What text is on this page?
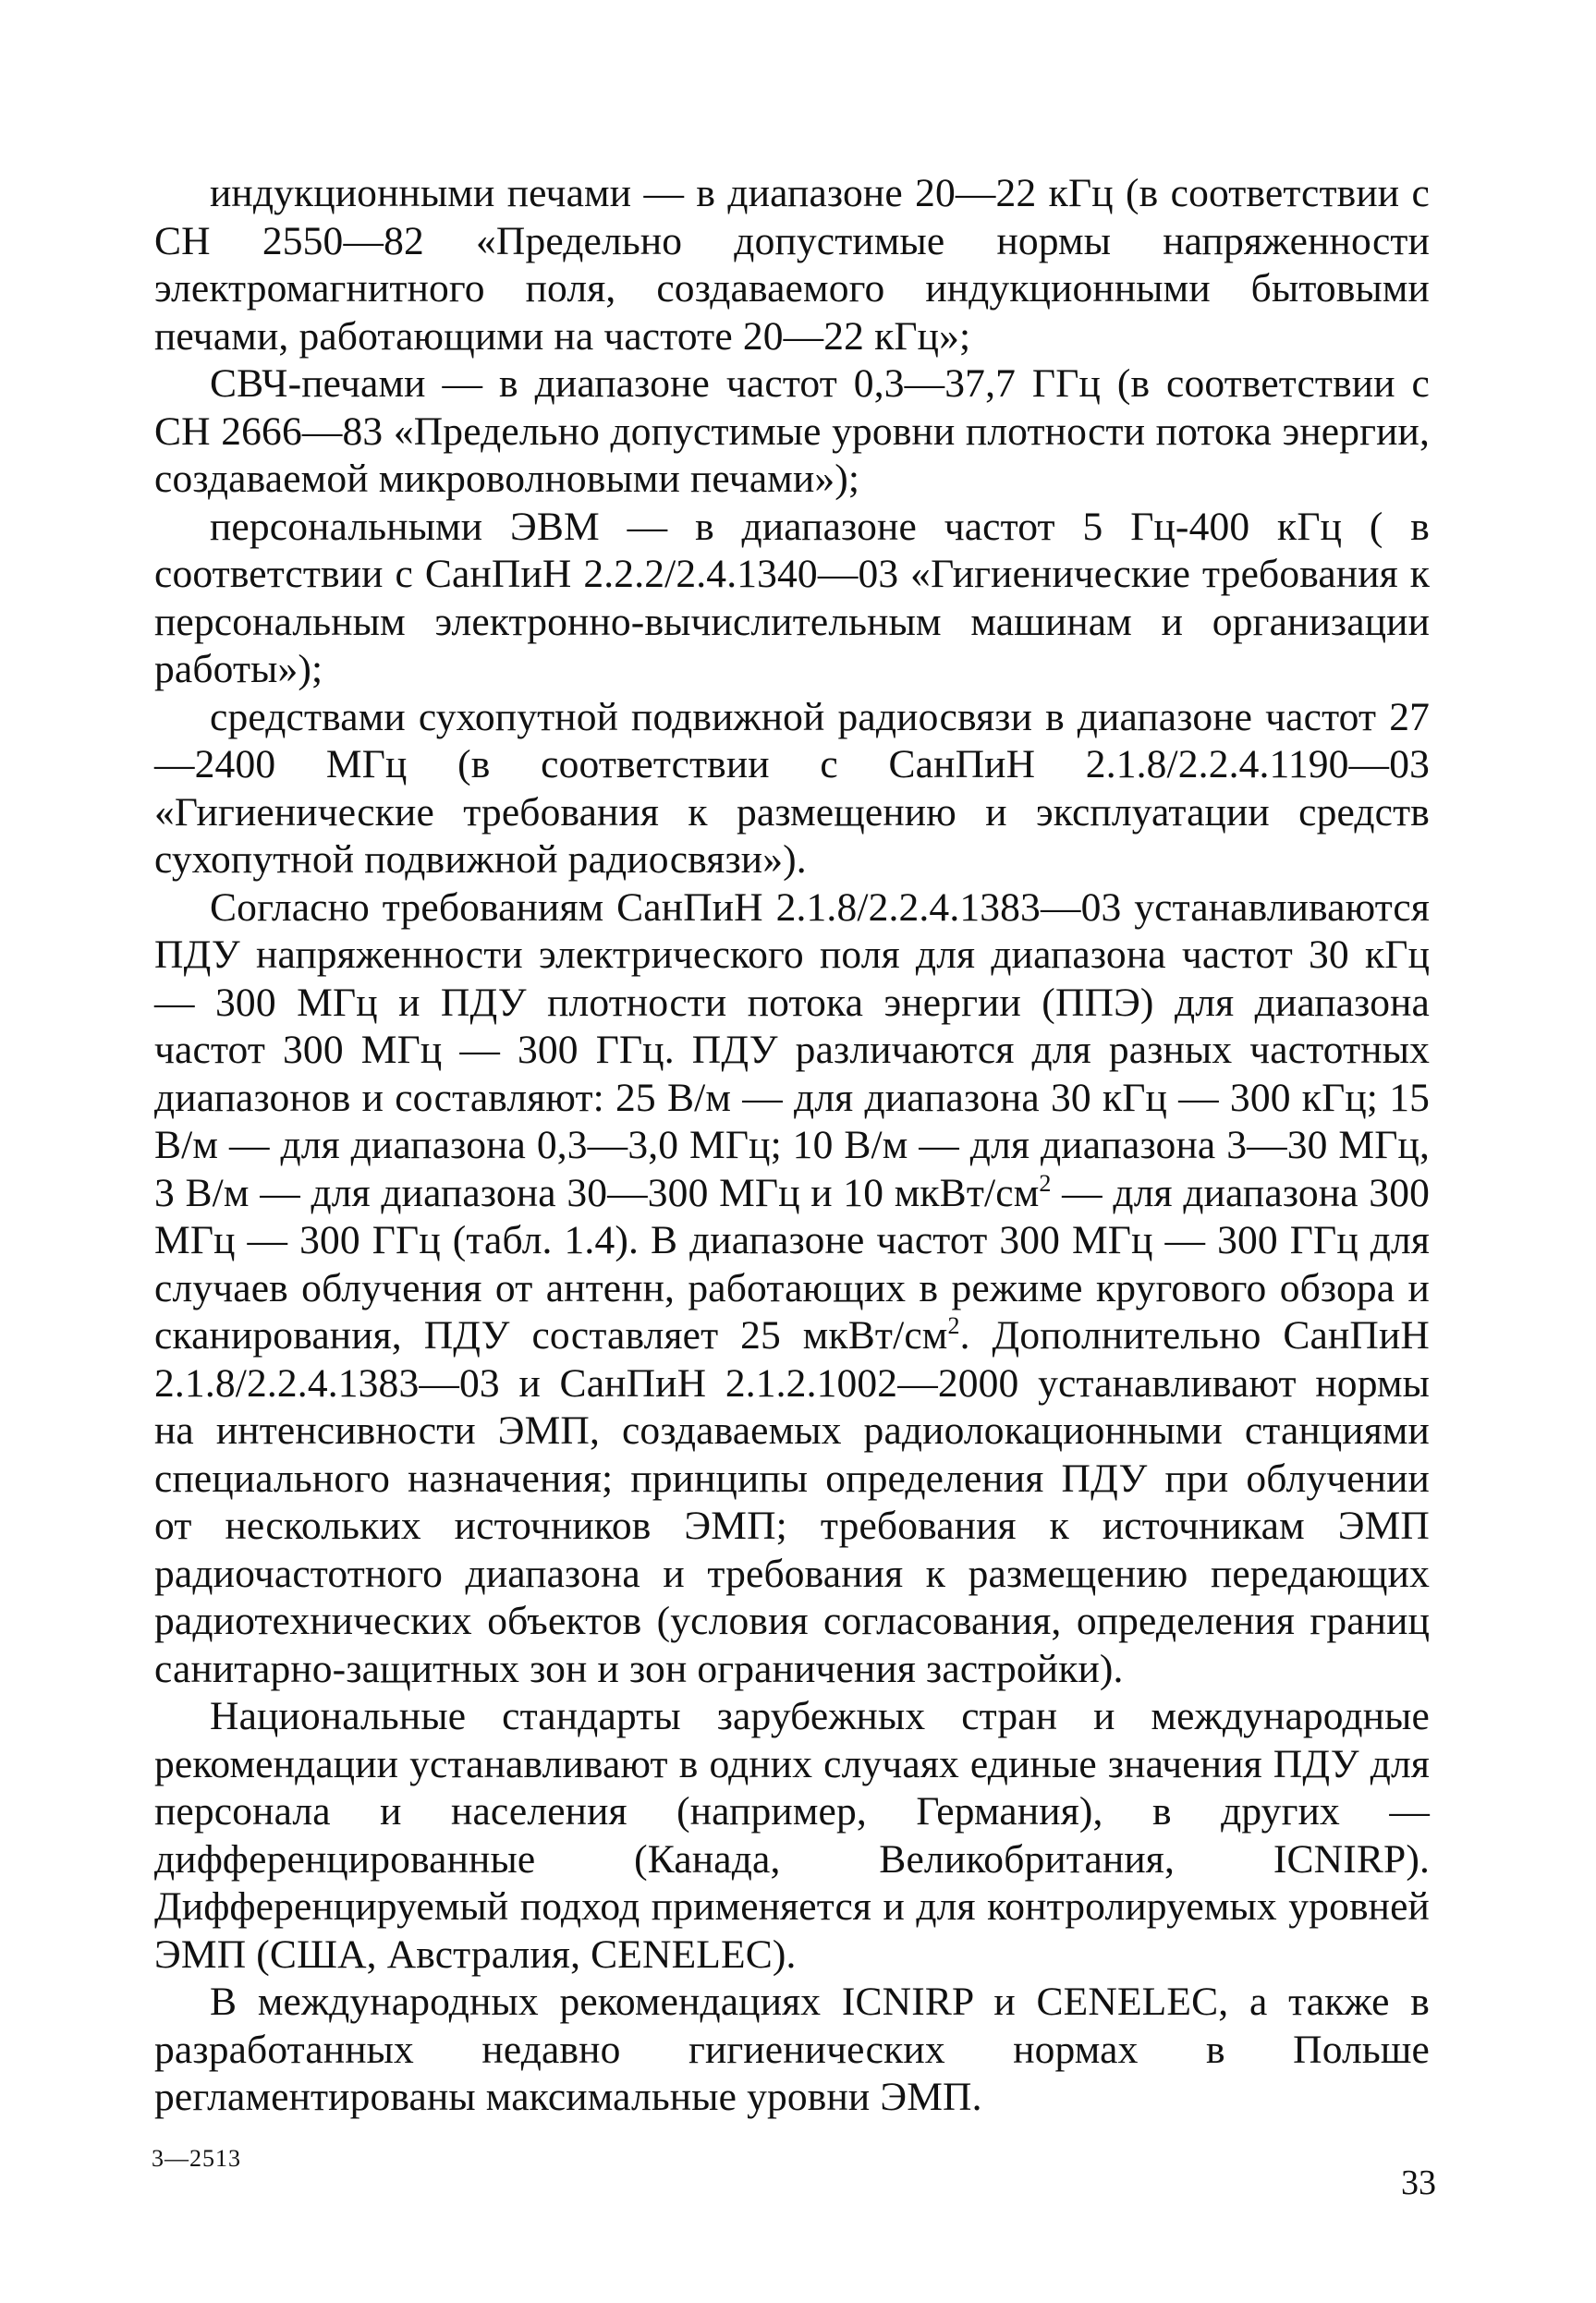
индукционными печами — в диапазоне 20—22 кГц (в соответствии с СН 2550—82 «Предельно допустимые нормы напряженности электромагнитного поля, создаваемого индукционными бытовыми печами, работающими на частоте 20—22 кГц»;

СВЧ-печами — в диапазоне частот 0,3—37,7 ГГц (в соответствии с СН 2666—83 «Предельно допустимые уровни плотности потока энергии, создаваемой микроволновыми печами»);

персональными ЭВМ — в диапазоне частот 5 Гц-400 кГц ( в соответствии с СанПиН 2.2.2/2.4.1340—03 «Гигиенические требования к персональным электронно-вычислительным машинам и организации работы»);

средствами сухопутной подвижной радиосвязи в диапазоне частот 27—2400 МГц (в соответствии с СанПиН 2.1.8/2.2.4.1190—03 «Гигиенические требования к размещению и эксплуатации средств сухопутной подвижной радиосвязи»).

Согласно требованиям СанПиН 2.1.8/2.2.4.1383—03 устанавливаются ПДУ напряженности электрического поля для диапазона частот 30 кГц — 300 МГц и ПДУ плотности потока энергии (ППЭ) для диапазона частот 300 МГц — 300 ГГц. ПДУ различаются для разных частотных диапазонов и составляют: 25 В/м — для диапазона 30 кГц — 300 кГц; 15 В/м — для диапазона 0,3—3,0 МГц; 10 В/м — для диапазона 3—30 МГц, 3 В/м — для диапазона 30—300 МГц и 10 мкВт/$см^2$ — для диапазона 300 МГц — 300 ГГц (табл. 1.4). В диапазоне частот 300 МГц — 300 ГГц для случаев облучения от антенн, работающих в режиме кругового обзора и сканирования, ПДУ составляет 25 мкВт/$см^2$. Дополнительно СанПиН 2.1.8/2.2.4.1383—03 и СанПиН 2.1.2.1002—2000 устанавливают нормы на интенсивности ЭМП, создаваемых радиолокационными станциями специального назначения; принципы определения ПДУ при облучении от нескольких источников ЭМП; требования к источникам ЭМП радиочастотного диапазона и требования к размещению передающих радиотехнических объектов (условия согласования, определения границ санитарно-защитных зон и зон ограничения застройки).

Национальные стандарты зарубежных стран и международные рекомендации устанавливают в одних случаях единые значения ПДУ для персонала и населения (например, Германия), в других — дифференцированные (Канада, Великобритания, ICNIRP). Дифференцируемый подход применяется и для контролируемых уровней ЭМП (США, Австралия, CENELEC).

В международных рекомендациях ICNIRP и CENELEC, а также в разработанных недавно гигиенических нормах в Польше регламентированы максимальные уровни ЭМП.

3—2513
33
